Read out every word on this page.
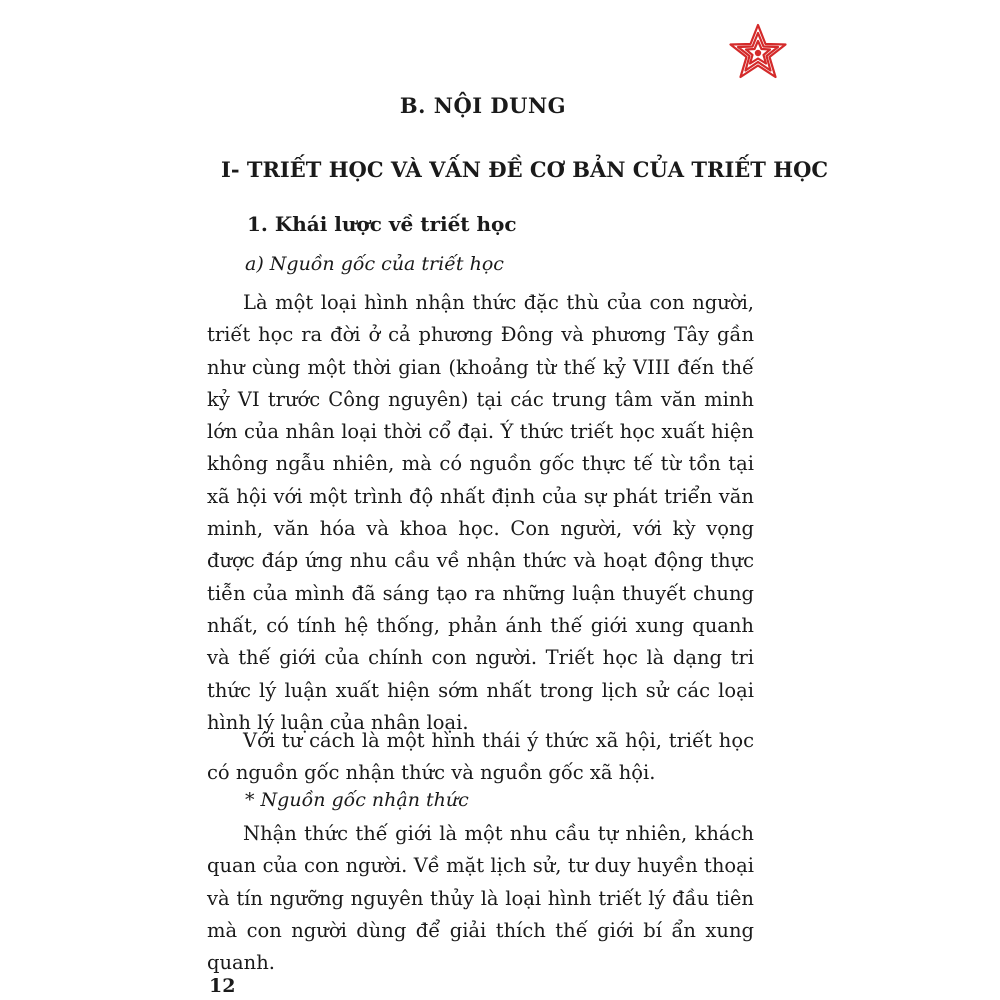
B. NỘI DUNG
I- TRIẾT HỌC VÀ VẤN ĐỀ CƠ BẢN CỦA TRIẾT HỌC
1. Khái lược về triết học
a) Nguồn gốc của triết học

Là một loại hình nhận thức đặc thù của con người, triết học ra đời ở cả phương Đông và phương Tây gần như cùng một thời gian (khoảng từ thế kỷ VIII đến thế kỷ VI trước Công nguyên) tại các trung tâm văn minh lớn của nhân loại thời cổ đại. Ý thức triết học xuất hiện không ngẫu nhiên, mà có nguồn gốc thực tế từ tồn tại xã hội với một trình độ nhất định của sự phát triển văn minh, văn hóa và khoa học. Con người, với kỳ vọng được đáp ứng nhu cầu về nhận thức và hoạt động thực tiễn của mình đã sáng tạo ra những luận thuyết chung nhất, có tính hệ thống, phản ánh thế giới xung quanh và thế giới của chính con người. Triết học là dạng tri thức lý luận xuất hiện sớm nhất trong lịch sử các loại hình lý luận của nhân loại.

Với tư cách là một hình thái ý thức xã hội, triết học có nguồn gốc nhận thức và nguồn gốc xã hội.

* Nguồn gốc nhận thức

Nhận thức thế giới là một nhu cầu tự nhiên, khách quan của con người. Về mặt lịch sử, tư duy huyền thoại và tín ngưỡng nguyên thủy là loại hình triết lý đầu tiên mà con người dùng để giải thích thế giới bí ẩn xung quanh.

12
